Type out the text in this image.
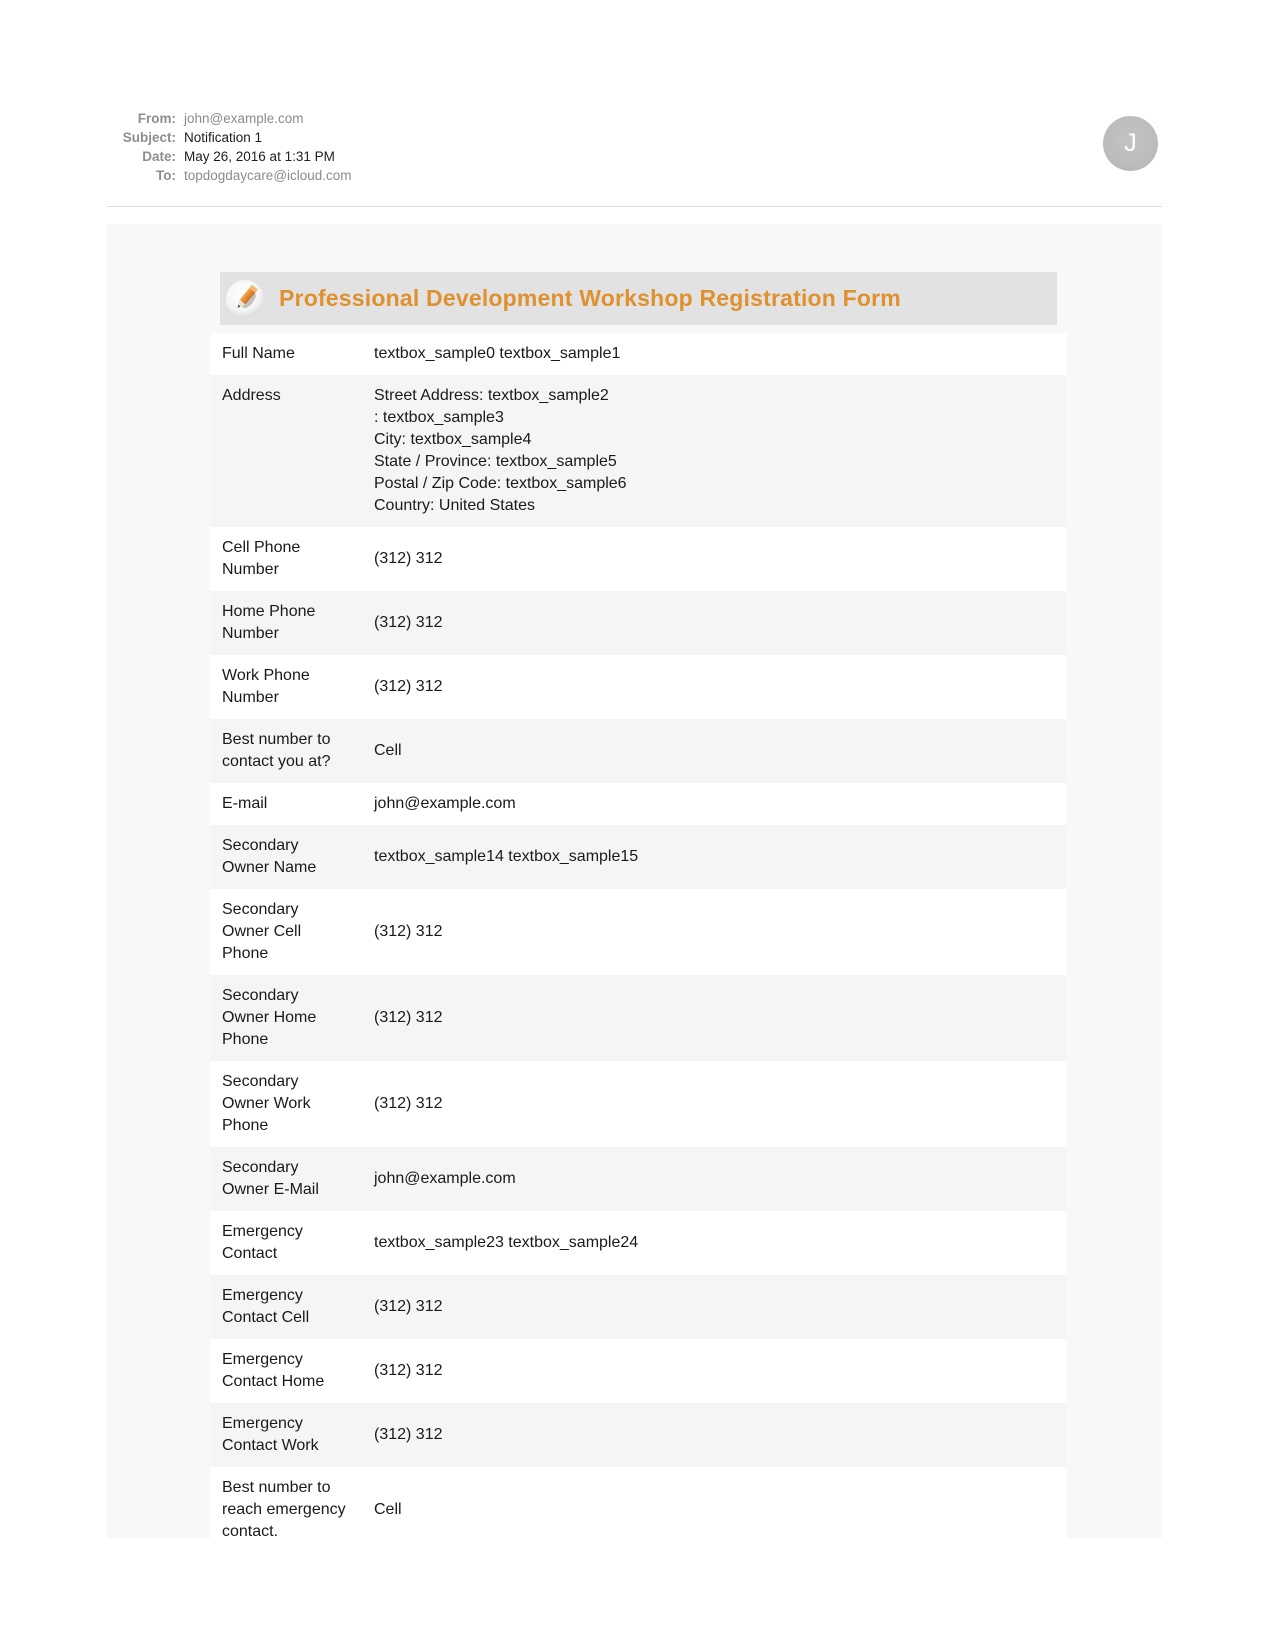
From: john@example.com
Subject: Notification 1
Date: May 26, 2016 at 1:31 PM
To: topdogdaycare@icloud.com
J
Professional Development Workshop Registration Form
Full Name	textbox_sample0 textbox_sample1

Address	Street Address: textbox_sample2
: textbox_sample3
City: textbox_sample4
State / Province: textbox_sample5
Postal / Zip Code: textbox_sample6
Country: United States

Cell Phone
Number	(312) 312

Home Phone
Number	(312) 312

Work Phone
Number	(312) 312

Best number to
contact you at?	Cell

E-mail	john@example.com

Secondary
Owner Name	textbox_sample14 textbox_sample15

Secondary
Owner Cell
Phone	(312) 312

Secondary
Owner Home
Phone	(312) 312

Secondary
Owner Work
Phone	(312) 312

Secondary
Owner E-Mail	john@example.com

Emergency
Contact	textbox_sample23 textbox_sample24

Emergency
Contact Cell	(312) 312

Emergency
Contact Home	(312) 312

Emergency
Contact Work	(312) 312

Best number to
reach emergency
contact.	Cell
